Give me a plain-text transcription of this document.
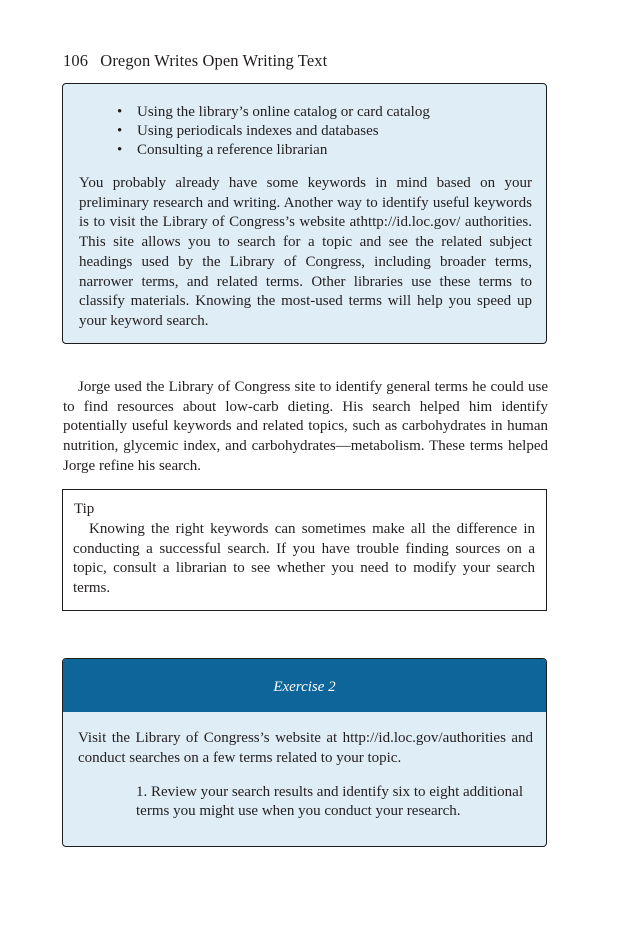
106 Oregon Writes Open Writing Text
• Using the library’s online catalog or card catalog
• Using periodicals indexes and databases
• Consulting a reference librarian

You probably already have some keywords in mind based on your preliminary research and writing. Another way to identify useful keywords is to visit the Library of Congress’s website athttp://id.loc.gov/ authorities. This site allows you to search for a topic and see the related subject headings used by the Library of Congress, including broader terms, narrower terms, and related terms. Other libraries use these terms to classify materials. Knowing the most-used terms will help you speed up your keyword search.

Jorge used the Library of Congress site to identify general terms he could use to find resources about low-carb dieting. His search helped him identify potentially useful keywords and related topics, such as carbohydrates in human nutrition, glycemic index, and carbohydrates—metabolism. These terms helped Jorge refine his search.

Tip

Knowing the right keywords can sometimes make all the difference in conducting a successful search. If you have trouble finding sources on a topic, consult a librarian to see whether you need to modify your search terms.

Exercise 2

Visit the Library of Congress’s website at http://id.loc.gov/authorities and conduct searches on a few terms related to your topic.

1. Review your search results and identify six to eight additional terms you might use when you conduct your research.
